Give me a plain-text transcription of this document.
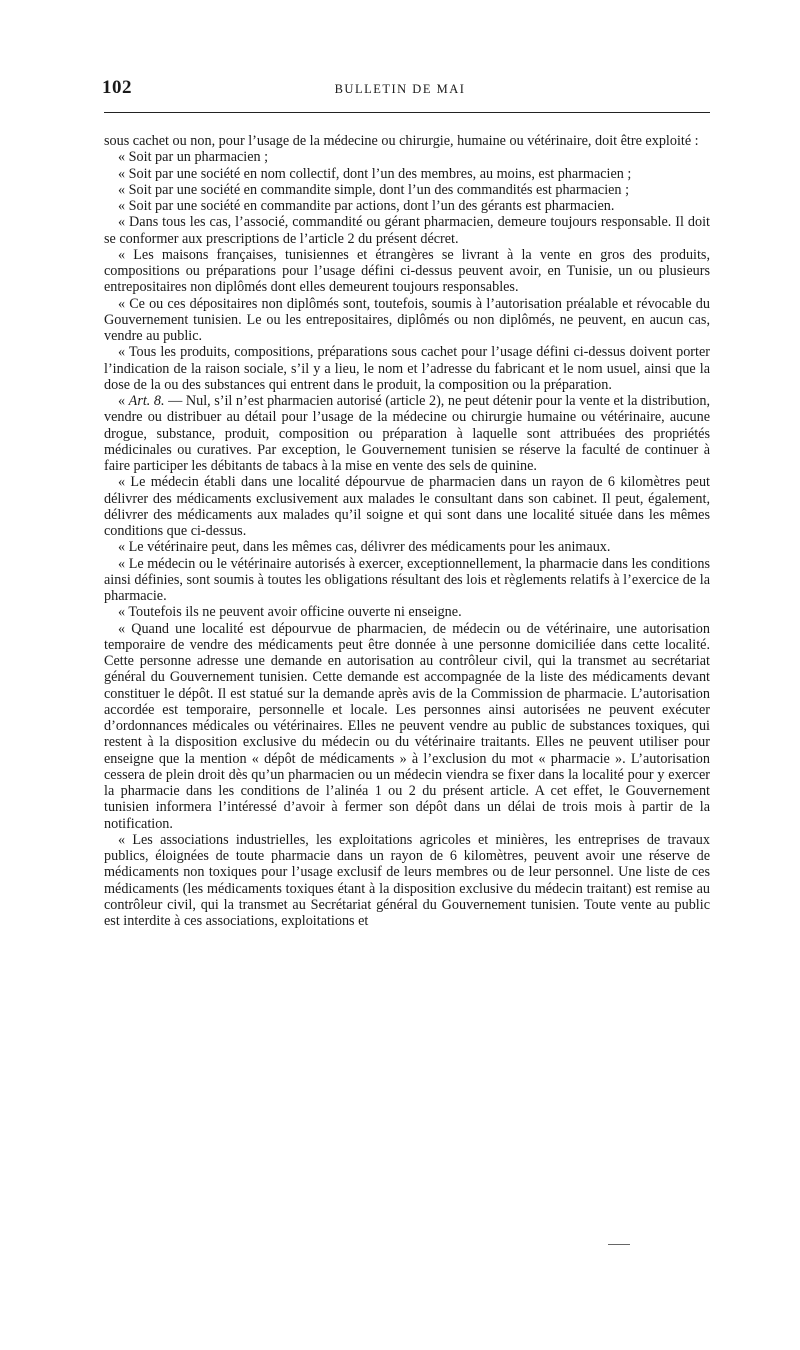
102	BULLETIN DE MAI

sous cachet ou non, pour l’usage de la médecine ou chirurgie, humaine ou vétérinaire, doit être exploité :

« Soit par un pharmacien ;

« Soit par une société en nom collectif, dont l’un des membres, au moins, est pharmacien ;

« Soit par une société en commandite simple, dont l’un des commandités est pharmacien ;

« Soit par une société en commandite par actions, dont l’un des gérants est pharmacien.

« Dans tous les cas, l’associé, commandité ou gérant pharmacien, demeure toujours responsable. Il doit se conformer aux prescriptions de l’article 2 du présent décret.

« Les maisons françaises, tunisiennes et étrangères se livrant à la vente en gros des produits, compositions ou préparations pour l’usage défini ci-dessus peuvent avoir, en Tunisie, un ou plusieurs entrepositaires non diplômés dont elles demeurent toujours responsables.

« Ce ou ces dépositaires non diplômés sont, toutefois, soumis à l’autorisation préalable et révocable du Gouvernement tunisien. Le ou les entrepositaires, diplômés ou non diplômés, ne peuvent, en aucun cas, vendre au public.

« Tous les produits, compositions, préparations sous cachet pour l’usage défini ci-dessus doivent porter l’indication de la raison sociale, s’il y a lieu, le nom et l’adresse du fabricant et le nom usuel, ainsi que la dose de la ou des substances qui entrent dans le produit, la composition ou la préparation.

« Art. 8. — Nul, s’il n’est pharmacien autorisé (article 2), ne peut détenir pour la vente et la distribution, vendre ou distribuer au détail pour l’usage de la médecine ou chirurgie humaine ou vétérinaire, aucune drogue, substance, produit, composition ou préparation à laquelle sont attribuées des propriétés médicinales ou curatives. Par exception, le Gouvernement tunisien se réserve la faculté de continuer à faire participer les débitants de tabacs à la mise en vente des sels de quinine.

« Le médecin établi dans une localité dépourvue de pharmacien dans un rayon de 6 kilomètres peut délivrer des médicaments exclusivement aux malades le consultant dans son cabinet. Il peut, également, délivrer des médicaments aux malades qu’il soigne et qui sont dans une localité située dans les mêmes conditions que ci-dessus.

« Le vétérinaire peut, dans les mêmes cas, délivrer des médicaments pour les animaux.

« Le médecin ou le vétérinaire autorisés à exercer, exceptionnellement, la pharmacie dans les conditions ainsi définies, sont soumis à toutes les obligations résultant des lois et règlements relatifs à l’exercice de la pharmacie.

« Toutefois ils ne peuvent avoir officine ouverte ni enseigne.

« Quand une localité est dépourvue de pharmacien, de médecin ou de vétérinaire, une autorisation temporaire de vendre des médicaments peut être donnée à une personne domiciliée dans cette localité. Cette personne adresse une demande en autorisation au contrôleur civil, qui la transmet au secrétariat général du Gouvernement tunisien. Cette demande est accompagnée de la liste des médicaments devant constituer le dépôt. Il est statué sur la demande après avis de la Commission de pharmacie. L’autorisation accordée est temporaire, personnelle et locale. Les personnes ainsi autorisées ne peuvent exécuter d’ordonnances médicales ou vétérinaires. Elles ne peuvent vendre au public de substances toxiques, qui restent à la disposition exclusive du médecin ou du vétérinaire traitants. Elles ne peuvent utiliser pour enseigne que la mention « dépôt de médicaments » à l’exclusion du mot « pharmacie ». L’autorisation cessera de plein droit dès qu’un pharmacien ou un médecin viendra se fixer dans la localité pour y exercer la pharmacie dans les conditions de l’alinéa 1 ou 2 du présent article. A cet effet, le Gouvernement tunisien informera l’intéressé d’avoir à fermer son dépôt dans un délai de trois mois à partir de la notification.

« Les associations industrielles, les exploitations agricoles et minières, les entreprises de travaux publics, éloignées de toute pharmacie dans un rayon de 6 kilomètres, peuvent avoir une réserve de médicaments non toxiques pour l’usage exclusif de leurs membres ou de leur personnel. Une liste de ces médicaments (les médicaments toxiques étant à la disposition exclusive du médecin traitant) est remise au contrôleur civil, qui la transmet au Secrétariat général du Gouvernement tunisien. Toute vente au public est interdite à ces associations, exploitations et
